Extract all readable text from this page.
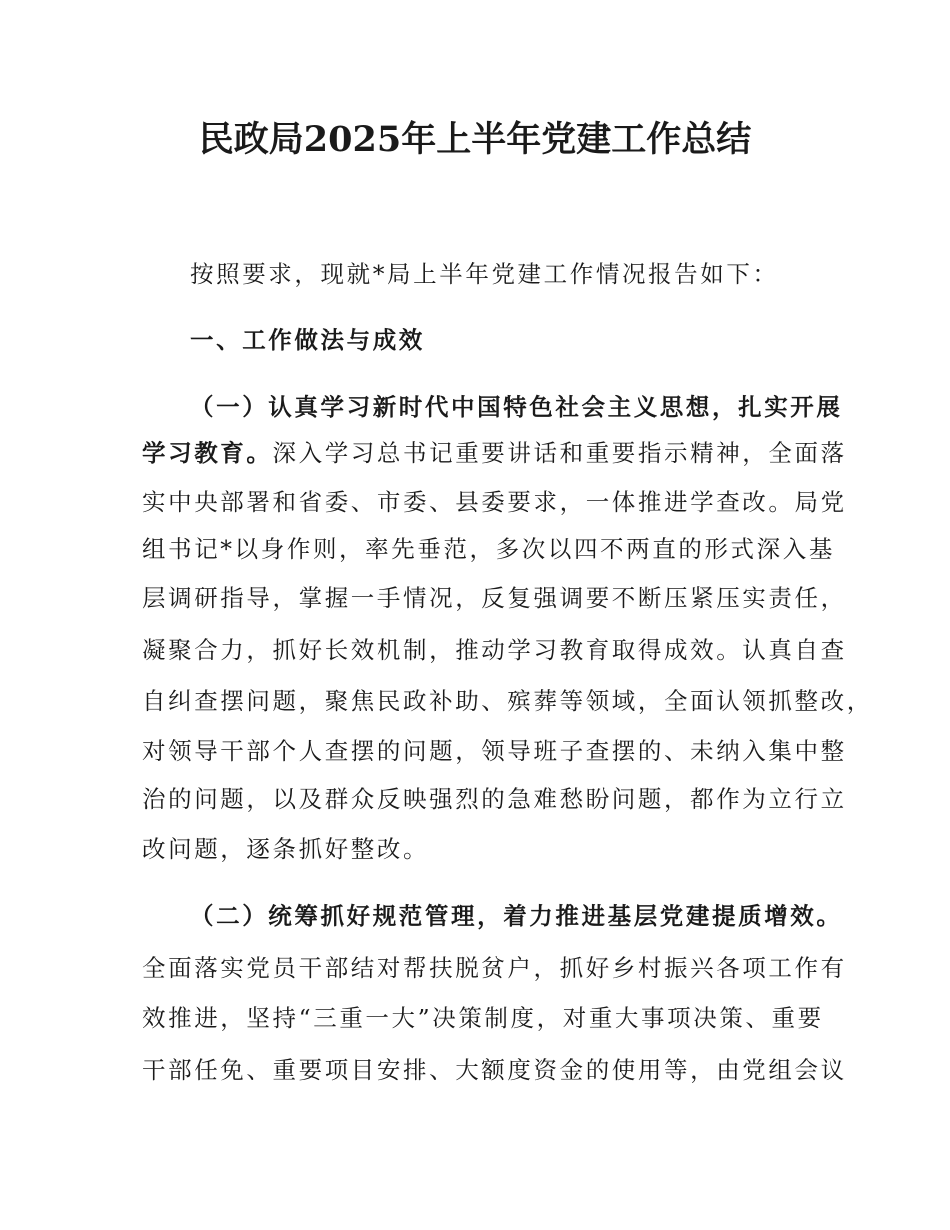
民政局2025年上半年党建工作总结
按照要求，现就*局上半年党建工作情况报告如下：
一、工作做法与成效
（一）认真学习新时代中国特色社会主义思想，扎实开展
学习教育。深入学习总书记重要讲话和重要指示精神，全面落
实中央部署和省委、市委、县委要求，一体推进学查改。局党
组书记*以身作则，率先垂范，多次以四不两直的形式深入基
层调研指导，掌握一手情况，反复强调要不断压紧压实责任，
凝聚合力，抓好长效机制，推动学习教育取得成效。认真自查
自纠查摆问题，聚焦民政补助、殡葬等领域，全面认领抓整改，
对领导干部个人查摆的问题，领导班子查摆的、未纳入集中整
治的问题，以及群众反映强烈的急难愁盼问题，都作为立行立
改问题，逐条抓好整改。
（二）统筹抓好规范管理，着力推进基层党建提质增效。
全面落实党员干部结对帮扶脱贫户，抓好乡村振兴各项工作有
效推进，坚持“三重一大”决策制度，对重大事项决策、重要
干部任免、重要项目安排、大额度资金的使用等，由党组会议
